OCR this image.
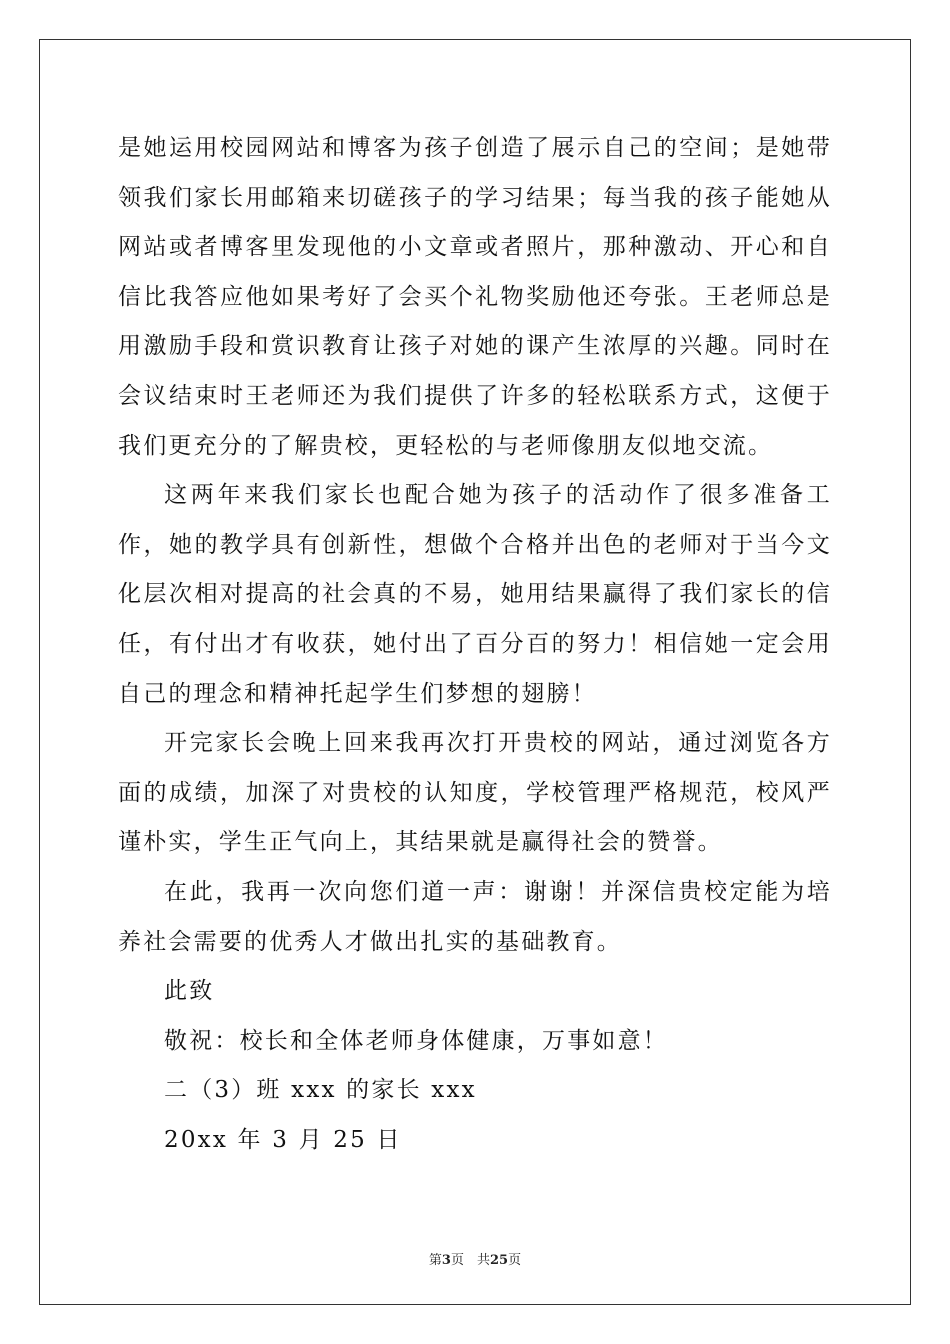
是她运用校园网站和博客为孩子创造了展示自己的空间；是她带领我们家长用邮箱来切磋孩子的学习结果；每当我的孩子能她从网站或者博客里发现他的小文章或者照片，那种激动、开心和自信比我答应他如果考好了会买个礼物奖励他还夸张。王老师总是用激励手段和赏识教育让孩子对她的课产生浓厚的兴趣。同时在会议结束时王老师还为我们提供了许多的轻松联系方式，这便于我们更充分的了解贵校，更轻松的与老师像朋友似地交流。

这两年来我们家长也配合她为孩子的活动作了很多准备工作，她的教学具有创新性，想做个合格并出色的老师对于当今文化层次相对提高的社会真的不易，她用结果赢得了我们家长的信任，有付出才有收获，她付出了百分百的努力！相信她一定会用自己的理念和精神托起学生们梦想的翅膀！

开完家长会晚上回来我再次打开贵校的网站，通过浏览各方面的成绩，加深了对贵校的认知度，学校管理严格规范，校风严谨朴实，学生正气向上，其结果就是赢得社会的赞誉。

在此，我再一次向您们道一声：谢谢！并深信贵校定能为培养社会需要的优秀人才做出扎实的基础教育。

此致

敬祝：校长和全体老师身体健康，万事如意！

二（3）班 xxx 的家长 xxx

20xx 年 3 月 25 日

第3页　共25页
